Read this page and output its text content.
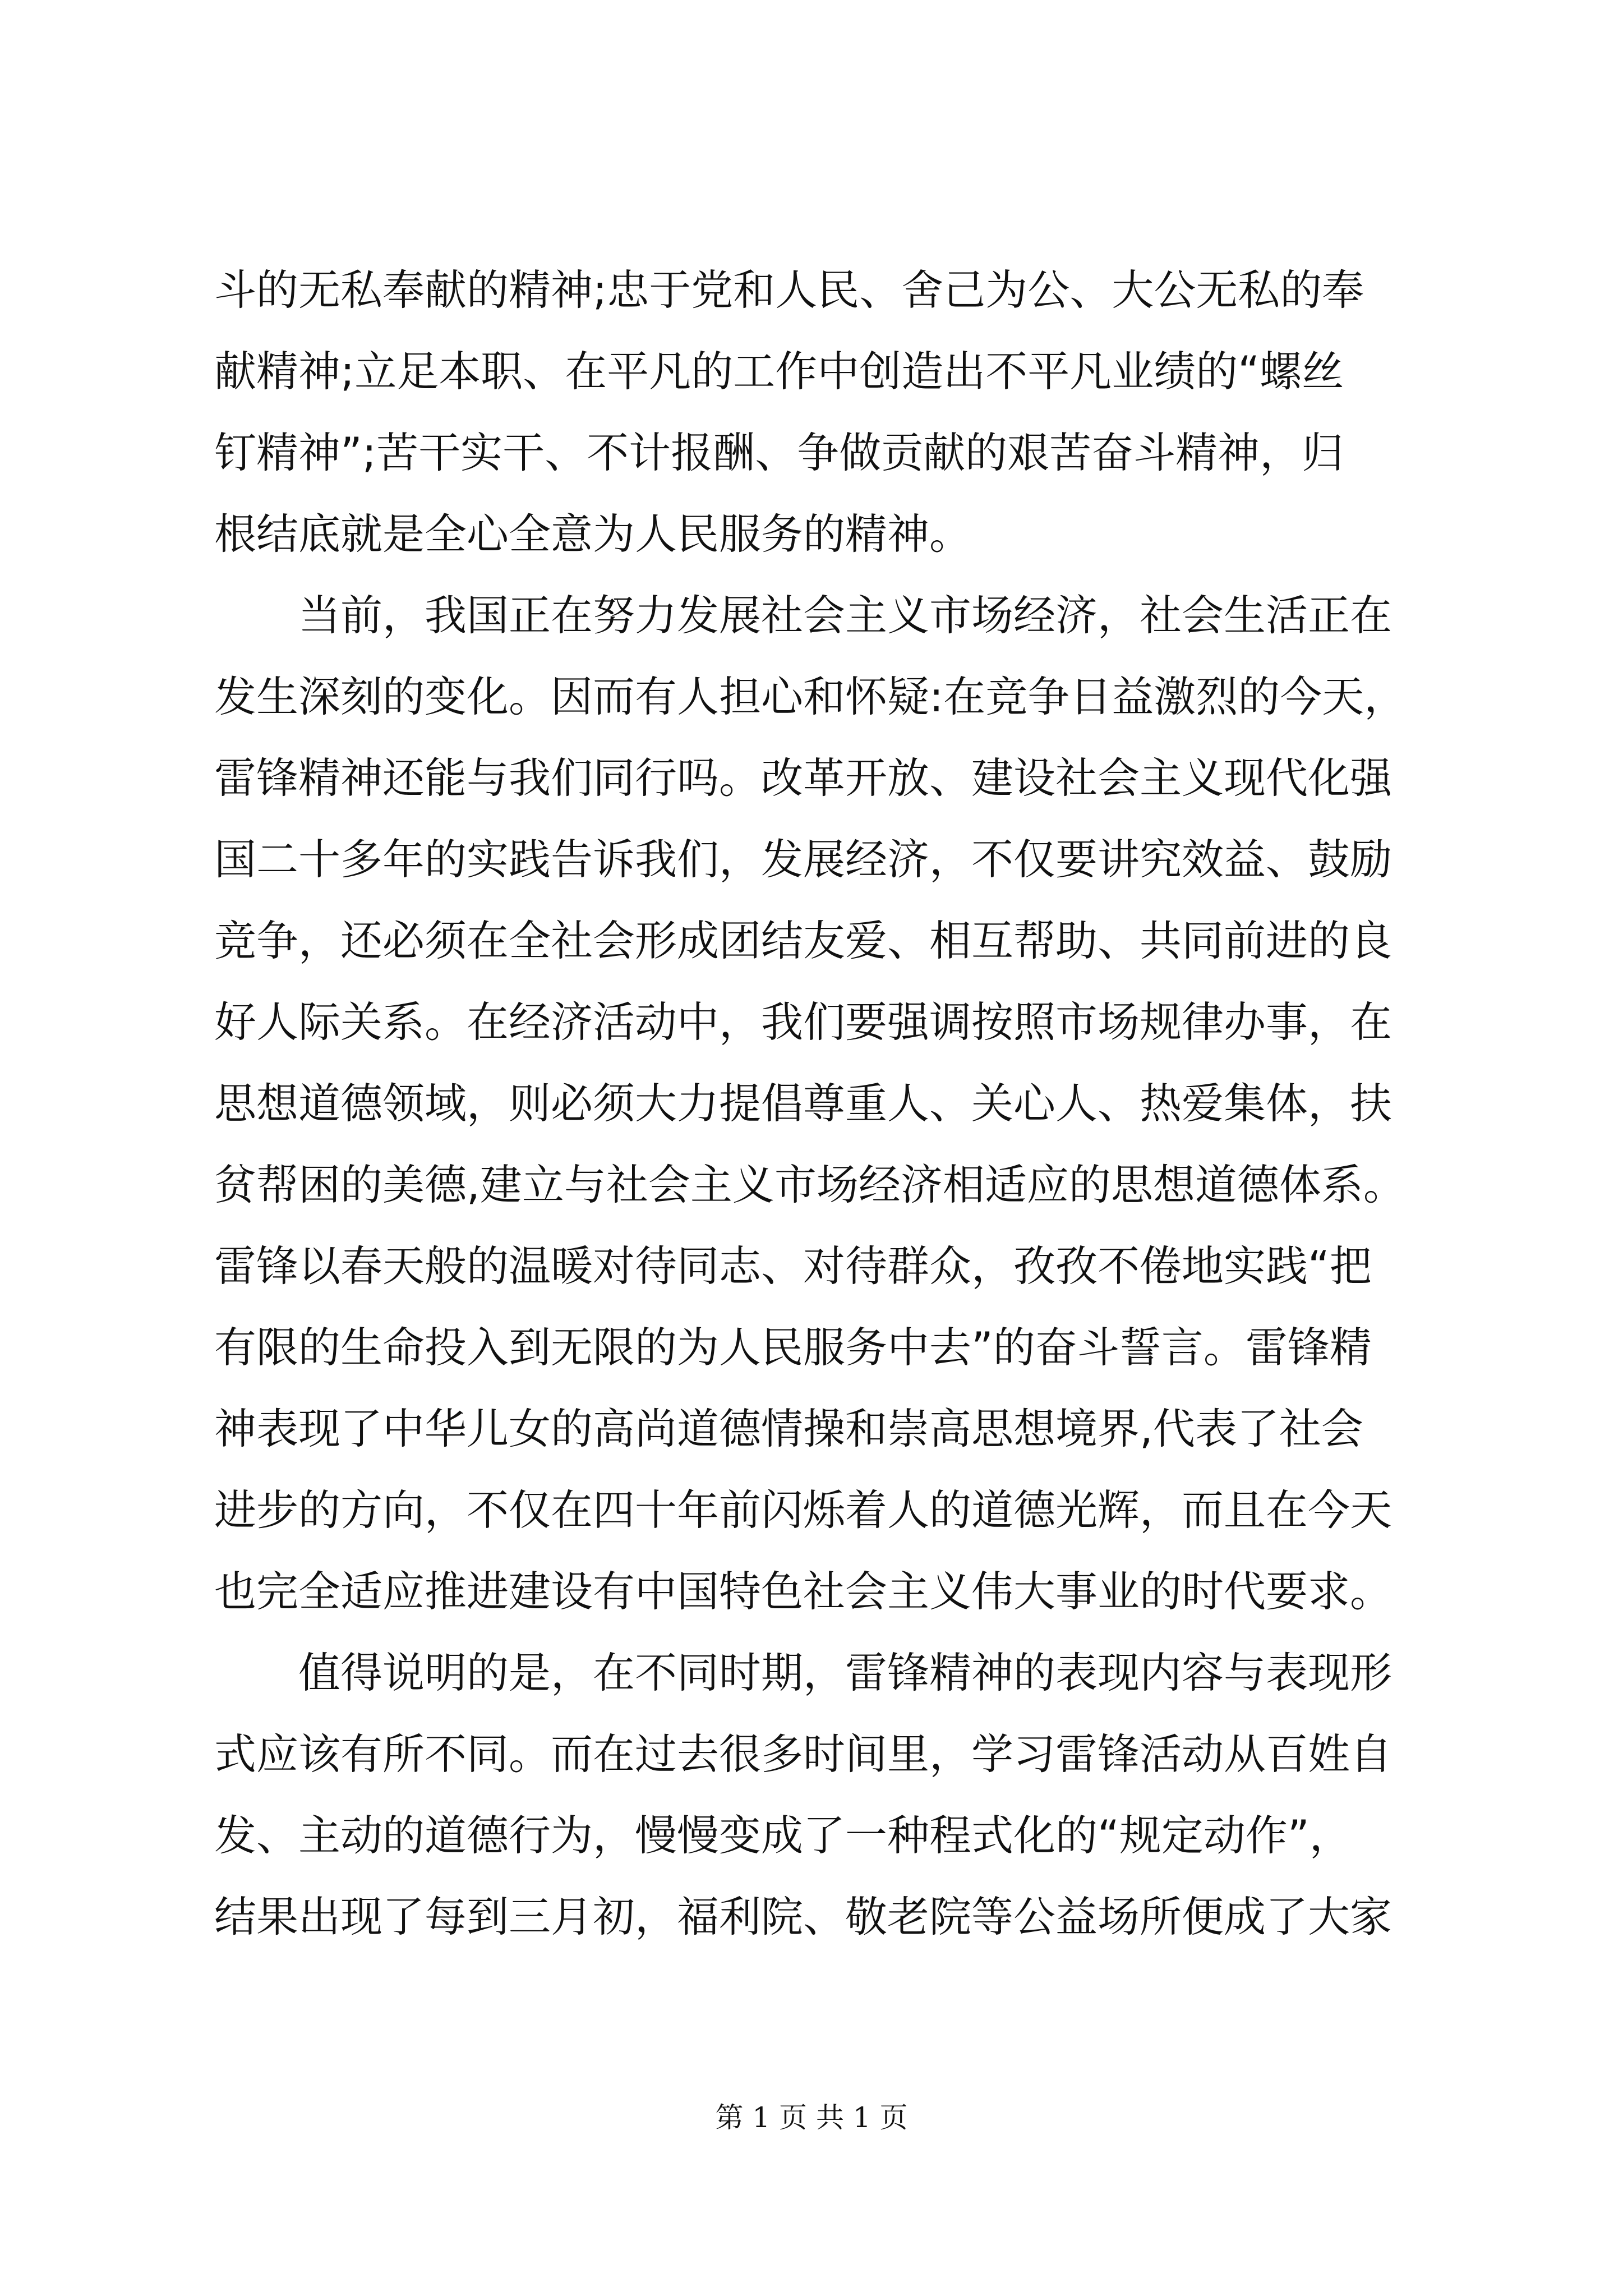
斗的无私奉献的精神;忠于党和人民、舍己为公、大公无私的奉
献精神;立足本职、在平凡的工作中创造出不平凡业绩的“螺丝
钉精神”;苦干实干、不计报酬、争做贡献的艰苦奋斗精神，归
根结底就是全心全意为人民服务的精神。
当前，我国正在努力发展社会主义市场经济，社会生活正在
发生深刻的变化。因而有人担心和怀疑:在竞争日益激烈的今天，
雷锋精神还能与我们同行吗。改革开放、建设社会主义现代化强
国二十多年的实践告诉我们，发展经济，不仅要讲究效益、鼓励
竞争，还必须在全社会形成团结友爱、相互帮助、共同前进的良
好人际关系。在经济活动中，我们要强调按照市场规律办事，在
思想道德领域，则必须大力提倡尊重人、关心人、热爱集体，扶
贫帮困的美德,建立与社会主义市场经济相适应的思想道德体系。
雷锋以春天般的温暖对待同志、对待群众，孜孜不倦地实践“把
有限的生命投入到无限的为人民服务中去”的奋斗誓言。雷锋精
神表现了中华儿女的高尚道德情操和崇高思想境界,代表了社会
进步的方向，不仅在四十年前闪烁着人的道德光辉，而且在今天
也完全适应推进建设有中国特色社会主义伟大事业的时代要求。
值得说明的是，在不同时期，雷锋精神的表现内容与表现形
式应该有所不同。而在过去很多时间里，学习雷锋活动从百姓自
发、主动的道德行为，慢慢变成了一种程式化的“规定动作”，
结果出现了每到三月初，福利院、敬老院等公益场所便成了大家
第 1 页 共 1 页
